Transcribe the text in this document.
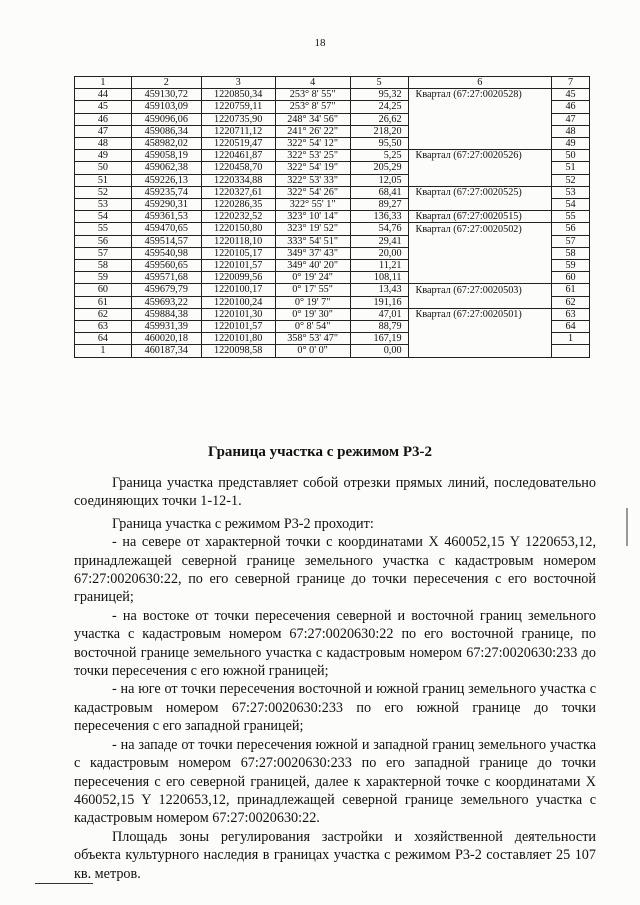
18
1	2	3	4	5	6	7
44	459130,72	1220850,34	253° 8' 55"	95,32	Квартал (67:27:0020528)	45
45	459103,09	1220759,11	253° 8' 57"	24,25		46
46	459096,06	1220735,90	248° 34' 56"	26,62		47
47	459086,34	1220711,12	241° 26' 22"	218,20		48
48	458982,02	1220519,47	322° 54' 12"	95,50		49
49	459058,19	1220461,87	322° 53' 25"	5,25	Квартал (67:27:0020526)	50
50	459062,38	1220458,70	322° 54' 19"	205,29		51
51	459226,13	1220334,88	322° 53' 33"	12,05		52
52	459235,74	1220327,61	322° 54' 26"	68,41	Квартал (67:27:0020525)	53
53	459290,31	1220286,35	322° 55' 1"	89,27		54
54	459361,53	1220232,52	323° 10' 14"	136,33	Квартал (67:27:0020515)	55
55	459470,65	1220150,80	323° 19' 52"	54,76	Квартал (67:27:0020502)	56
56	459514,57	1220118,10	333° 54' 51"	29,41		57
57	459540,98	1220105,17	349° 37' 43"	20,00		58
58	459560,65	1220101,57	349° 40' 20"	11,21		59
59	459571,68	1220099,56	0° 19' 24"	108,11		60
60	459679,79	1220100,17	0° 17' 55"	13,43	Квартал (67:27:0020503)	61
61	459693,22	1220100,24	0° 19' 7"	191,16		62
62	459884,38	1220101,30	0° 19' 30"	47,01	Квартал (67:27:0020501)	63
63	459931,39	1220101,57	0° 8' 54"	88,79		64
64	460020,18	1220101,80	358° 53' 47"	167,19		1
1	460187,34	1220098,58	0° 0' 0"	0,00		
Граница участка с режимом Р3-2

Граница участка представляет собой отрезки прямых линий, последовательно соединяющих точки 1-12-1.

Граница участка с режимом Р3-2 проходит:

- на севере от характерной точки с координатами X 460052,15 Y 1220653,12, принадлежащей северной границе земельного участка с кадастровым номером 67:27:0020630:22, по его северной границе до точки пересечения с его восточной границей;

- на востоке от точки пересечения северной и восточной границ земельного участка с кадастровым номером 67:27:0020630:22 по его восточной границе, по восточной границе земельного участка с кадастровым номером 67:27:0020630:233 до точки пересечения с его южной границей;

- на юге от точки пересечения восточной и южной границ земельного участка с кадастровым номером 67:27:0020630:233 по его южной границе до точки пересечения с его западной границей;

- на западе от точки пересечения южной и западной границ земельного участка с кадастровым номером 67:27:0020630:233 по его западной границе до точки пересечения с его северной границей, далее к характерной точке с координатами X 460052,15 Y 1220653,12, принадлежащей северной границе земельного участка с кадастровым номером 67:27:0020630:22.

Площадь зоны регулирования застройки и хозяйственной деятельности объекта культурного наследия в границах участка с режимом Р3-2 составляет 25 107 кв. метров.
